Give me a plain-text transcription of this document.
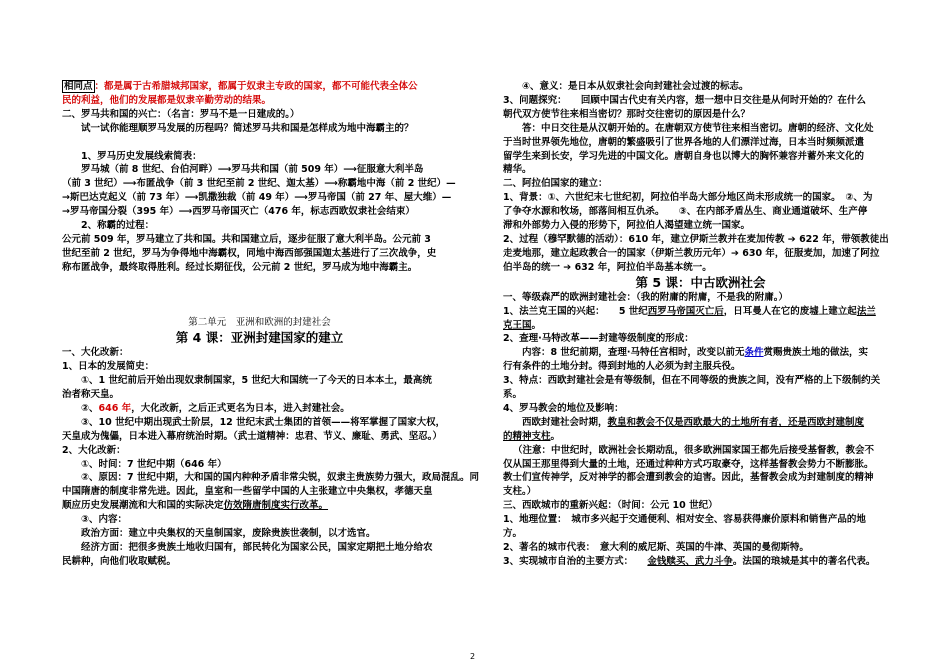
相同点 ：都是属于古希腊城邦国家，都属于奴隶主专政的国家，都不可能代表全体公

民的利益，他们的发展都是奴隶辛勤劳动的结果。

二、罗马共和国的兴亡：（名言：罗马不是一日建成的。）

试一试你能理顺罗马发展的历程吗？简述罗马共和国是怎样成为地中海霸主的？

1、罗马历史发展线索简表：

罗马城（前 8 世纪、台伯河畔）⟶罗马共和国（前 509 年）⟶征服意大利半岛

（前 3 世纪）⟶布匿战争（前 3 世纪至前 2 世纪、迦太基）⟶称霸地中海（前 2 世纪）—

→斯巴达克起义（前 73 年）⟶凯撒独裁（前 49 年）⟶罗马帝国（前 27 年、屋大维）—

→罗马帝国分裂（395 年）⟶西罗马帝国灭亡（476 年，标志西欧奴隶社会结束）

2、称霸的过程：

公元前 509 年，罗马建立了共和国。共和国建立后，逐步征服了意大利半岛。公元前 3

世纪至前 2 世纪，罗马为争得地中海霸权，同地中海西部强国迦太基进行了三次战争，史

称布匿战争，最终取得胜利。经过长期征伐，公元前 2 世纪，罗马成为地中海霸主。

第二单元　亚洲和欧洲的封建社会

第 4 课：亚洲封建国家的建立

一、大化改新：

1、日本的发展简史：

①、1 世纪前后开始出现奴隶制国家，5 世纪大和国统一了今天的日本本土，最高统

治者称天皇。

②、646 年，大化改新，之后正式更名为日本，进入封建社会。

③、10 世纪中期出现武士阶层，12 世纪末武士集团的首领——将军掌握了国家大权，

天皇成为傀儡，日本进入幕府统治时期。（武士道精神：忠君、节义、廉耻、勇武、坚忍。）

2、大化改新：

①、时间：7 世纪中期（646 年）

②、原因：7 世纪中期，大和国的国内种种矛盾非常尖锐，奴隶主贵族势力强大，政局混乱。同

中国隋唐的制度非常先进。因此，皇室和一些留学中国的人主张建立中央集权，孝德天皇

顺应历史发展潮流和大和国的实际决定仿效隋唐制度实行改革。

③、内容：

政治方面：建立中央集权的天皇制国家，废除贵族世袭制，以才选官。

经济方面：把很多贵族土地收归国有，部民转化为国家公民，国家定期把土地分给农

民耕种，向他们收取赋税。

④、意义：是日本从奴隶社会向封建社会过渡的标志。

3、问题探究：　　回顾中国古代史有关内容，想一想中日交往是从何时开始的？在什么

朝代双方使节往来相当密切？那时交往密切的原因是什么？

答：中日交往是从汉朝开始的。在唐朝双方使节往来相当密切。唐朝的经济、文化处

于当时世界领先地位，唐朝的繁盛吸引了世界各地的人们漂洋过海，日本当时频频派遣

留学生来到长安，学习先进的中国文化。唐朝自身也以博大的胸怀兼容并蓄外来文化的

精华。

二、阿拉伯国家的建立：

1、背景：①、六世纪末七世纪初，阿拉伯半岛大部分地区尚未形成统一的国家。　②、为

了争夺水源和牧场，部落间相互仇杀。　　③、在内部矛盾丛生、商业通道破坏、生产停

滞和外部势力入侵的形势下，阿拉伯人渴望建立统一国家。

2、过程（穆罕默德的活动）：610 年，建立伊斯兰教并在麦加传教 ➔ 622 年，带领教徒出

走麦地那，建立起政教合一的国家（伊斯兰教历元年）➔ 630 年，征服麦加，加速了阿拉

伯半岛的统一 ➔ 632 年，阿拉伯半岛基本统一。

第 5 课：中古欧洲社会

一、等级森严的欧洲封建社会：（我的附庸的附庸，不是我的附庸。）

1、法兰克王国的兴起：　　5 世纪西罗马帝国灭亡后，日耳曼人在它的废墟上建立起法兰

克王国。

2、查理·马特改革——封建等级制度的形成：

内容：8 世纪前期，查理·马特任宫相时，改变以前无条件赏赐贵族土地的做法，实

行有条件的土地分封。得到封地的人必须为封主服兵役。

3、特点：西欧封建社会是有等级制，但在不同等级的贵族之间，没有严格的上下级制约关

系。

4、罗马教会的地位及影响：

西欧封建社会时期，教皇和教会不仅是西欧最大的土地所有者，还是西欧封建制度

的精神支柱。

（注意：中世纪时，欧洲社会长期动乱，很多欧洲国家国王都先后接受基督教，教会不

仅从国王那里得到大量的土地，还通过种种方式巧取豪夺，这样基督教会势力不断膨胀。

教士们宣传神学，反对神学的都会遭到教会的迫害。因此，基督教会成为封建制度的精神

支柱。）

三、西欧城市的重新兴起：（时间：公元 10 世纪）

1、地理位置：　城市多兴起于交通便利、相对安全、容易获得廉价原料和销售产品的地

方。

2、著名的城市代表：　意大利的威尼斯、英国的牛津、英国的曼彻斯特。

3、实现城市自治的主要方式：　　金钱赎买、武力斗争。法国的琅城是其中的著名代表。

2
